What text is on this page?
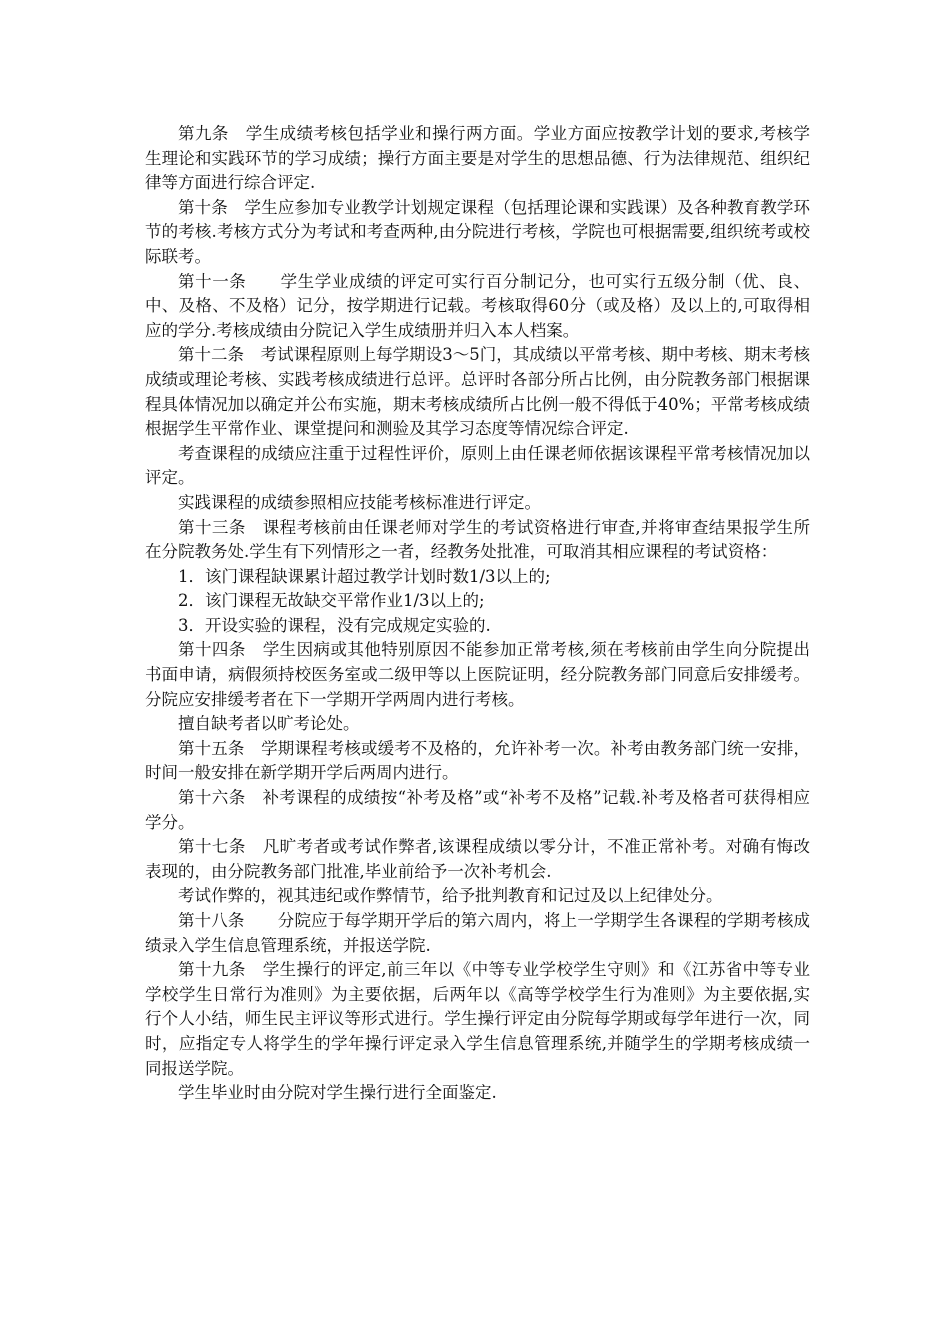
第九条　学生成绩考核包括学业和操行两方面。学业方面应按教学计划的要求,考核学生理论和实践环节的学习成绩；操行方面主要是对学生的思想品德、行为法律规范、组织纪律等方面进行综合评定.

第十条　学生应参加专业教学计划规定课程（包括理论课和实践课）及各种教育教学环节的考核.考核方式分为考试和考查两种,由分院进行考核，学院也可根据需要,组织统考或校际联考。

第十一条　　学生学业成绩的评定可实行百分制记分，也可实行五级分制（优、良、中、及格、不及格）记分，按学期进行记载。考核取得60分（或及格）及以上的,可取得相应的学分.考核成绩由分院记入学生成绩册并归入本人档案。

第十二条　考试课程原则上每学期设3～5门，其成绩以平常考核、期中考核、期末考核成绩或理论考核、实践考核成绩进行总评。总评时各部分所占比例，由分院教务部门根据课程具体情况加以确定并公布实施，期末考核成绩所占比例一般不得低于40%；平常考核成绩根据学生平常作业、课堂提问和测验及其学习态度等情况综合评定.

考查课程的成绩应注重于过程性评价，原则上由任课老师依据该课程平常考核情况加以评定。

实践课程的成绩参照相应技能考核标准进行评定。

第十三条　课程考核前由任课老师对学生的考试资格进行审查,并将审查结果报学生所在分院教务处.学生有下列情形之一者，经教务处批准，可取消其相应课程的考试资格：

1．该门课程缺课累计超过教学计划时数1/3以上的;

2．该门课程无故缺交平常作业1/3以上的;

3．开设实验的课程，没有完成规定实验的.

第十四条　学生因病或其他特别原因不能参加正常考核,须在考核前由学生向分院提出书面申请，病假须持校医务室或二级甲等以上医院证明，经分院教务部门同意后安排缓考。分院应安排缓考者在下一学期开学两周内进行考核。

擅自缺考者以旷考论处。

第十五条　学期课程考核或缓考不及格的，允许补考一次。补考由教务部门统一安排，时间一般安排在新学期开学后两周内进行。

第十六条　补考课程的成绩按“补考及格”或“补考不及格”记载.补考及格者可获得相应学分。

第十七条　凡旷考者或考试作弊者,该课程成绩以零分计，不准正常补考。对确有悔改表现的，由分院教务部门批准,毕业前给予一次补考机会.

考试作弊的，视其违纪或作弊情节，给予批判教育和记过及以上纪律处分。

第十八条　　分院应于每学期开学后的第六周内，将上一学期学生各课程的学期考核成绩录入学生信息管理系统，并报送学院.

第十九条　学生操行的评定,前三年以《中等专业学校学生守则》和《江苏省中等专业学校学生日常行为准则》为主要依据，后两年以《高等学校学生行为准则》为主要依据,实行个人小结，师生民主评议等形式进行。学生操行评定由分院每学期或每学年进行一次，同时，应指定专人将学生的学年操行评定录入学生信息管理系统,并随学生的学期考核成绩一同报送学院。

学生毕业时由分院对学生操行进行全面鉴定.
